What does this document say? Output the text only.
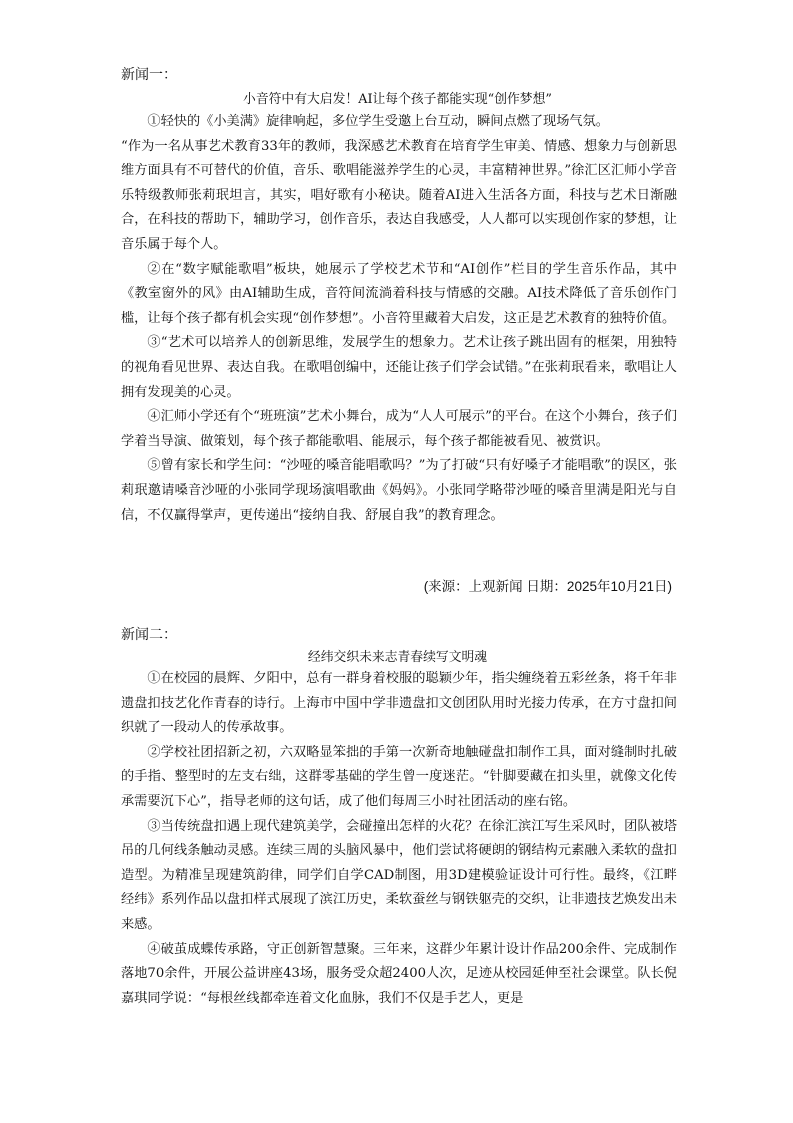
新闻一：
小音符中有大启发！AI让每个孩子都能实现“创作梦想”

①轻快的《小美满》旋律响起，多位学生受邀上台互动，瞬间点燃了现场气氛。

“作为一名从事艺术教育33年的教师，我深感艺术教育在培育学生审美、情感、想象力与创新思维方面具有不可替代的价值，音乐、歌唱能滋养学生的心灵，丰富精神世界。”徐汇区汇师小学音乐特级教师张莉珉坦言，其实，唱好歌有小秘诀。随着AI进入生活各方面，科技与艺术日渐融合，在科技的帮助下，辅助学习，创作音乐，表达自我感受，人人都可以实现创作家的梦想，让音乐属于每个人。

②在“数字赋能歌唱”板块，她展示了学校艺术节和“AI创作”栏目的学生音乐作品，其中《教室窗外的风》由AI辅助生成，音符间流淌着科技与情感的交融。AI技术降低了音乐创作门槛，让每个孩子都有机会实现“创作梦想”。小音符里藏着大启发，这正是艺术教育的独特价值。

③“艺术可以培养人的创新思维，发展学生的想象力。艺术让孩子跳出固有的框架，用独特的视角看见世界、表达自我。在歌唱创编中，还能让孩子们学会试错。”在张莉珉看来，歌唱让人拥有发现美的心灵。

④汇师小学还有个“班班演”艺术小舞台，成为“人人可展示”的平台。在这个小舞台，孩子们学着当导演、做策划，每个孩子都能歌唱、能展示，每个孩子都能被看见、被赏识。

⑤曾有家长和学生问：“沙哑的嗓音能唱歌吗？”为了打破“只有好嗓子才能唱歌”的误区，张莉珉邀请嗓音沙哑的小张同学现场演唱歌曲《妈妈》。小张同学略带沙哑的嗓音里满是阳光与自信，不仅赢得掌声，更传递出“接纳自我、舒展自我”的教育理念。

(来源：上观新闻 日期：2025年10月21日)
新闻二：
经纬交织未来志青春续写文明魂

①在校园的晨辉、夕阳中，总有一群身着校服的聪颖少年，指尖缠绕着五彩丝条，将千年非遗盘扣技艺化作青春的诗行。上海市中国中学非遗盘扣文创团队用时光接力传承，在方寸盘扣间织就了一段动人的传承故事。

②学校社团招新之初，六双略显笨拙的手第一次新奇地触碰盘扣制作工具，面对缝制时扎破的手指、整型时的左支右绌，这群零基础的学生曾一度迷茫。“针脚要藏在扣头里，就像文化传承需要沉下心”，指导老师的这句话，成了他们每周三小时社团活动的座右铭。

③当传统盘扣遇上现代建筑美学，会碰撞出怎样的火花？在徐汇滨江写生采风时，团队被塔吊的几何线条触动灵感。连续三周的头脑风暴中，他们尝试将硬朗的钢结构元素融入柔软的盘扣造型。为精准呈现建筑韵律，同学们自学CAD制图，用3D建模验证设计可行性。最终，《江畔经纬》系列作品以盘扣样式展现了滨江历史，柔软蚕丝与钢铁躯壳的交织，让非遗技艺焕发出未来感。

④破茧成蝶传承路，守正创新智慧聚。三年来，这群少年累计设计作品200余件、完成制作落地70余件，开展公益讲座43场，服务受众超2400人次，足迹从校园延伸至社会课堂。队长倪嘉琪同学说：“每根丝线都牵连着文化血脉，我们不仅是手艺人，更是
